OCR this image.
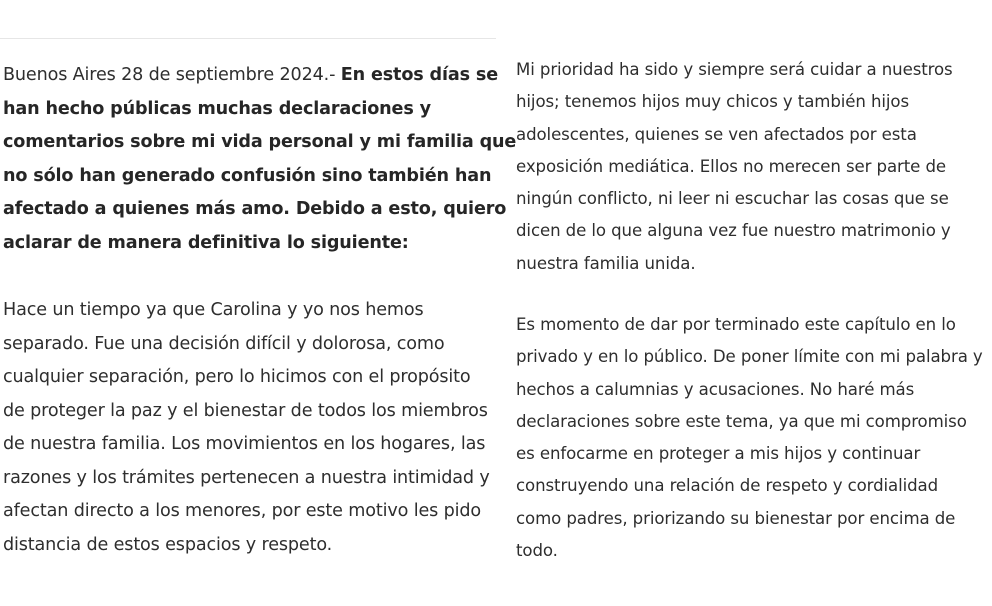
Buenos Aires 28 de septiembre 2024.- En estos días se
han hecho públicas muchas declaraciones y
comentarios sobre mi vida personal y mi familia que
no sólo han generado confusión sino también han
afectado a quienes más amo. Debido a esto, quiero
aclarar de manera definitiva lo siguiente:

Hace un tiempo ya que Carolina y yo nos hemos
separado. Fue una decisión difícil y dolorosa, como
cualquier separación, pero lo hicimos con el propósito
de proteger la paz y el bienestar de todos los miembros
de nuestra familia. Los movimientos en los hogares, las
razones y los trámites pertenecen a nuestra intimidad y
afectan directo a los menores, por este motivo les pido
distancia de estos espacios y respeto.

Mi prioridad ha sido y siempre será cuidar a nuestros
hijos; tenemos hijos muy chicos y también hijos
adolescentes, quienes se ven afectados por esta
exposición mediática. Ellos no merecen ser parte de
ningún conflicto, ni leer ni escuchar las cosas que se
dicen de lo que alguna vez fue nuestro matrimonio y
nuestra familia unida.

Es momento de dar por terminado este capítulo en lo
privado y en lo público. De poner límite con mi palabra y
hechos a calumnias y acusaciones. No haré más
declaraciones sobre este tema, ya que mi compromiso
es enfocarme en proteger a mis hijos y continuar
construyendo una relación de respeto y cordialidad
como padres, priorizando su bienestar por encima de
todo.
